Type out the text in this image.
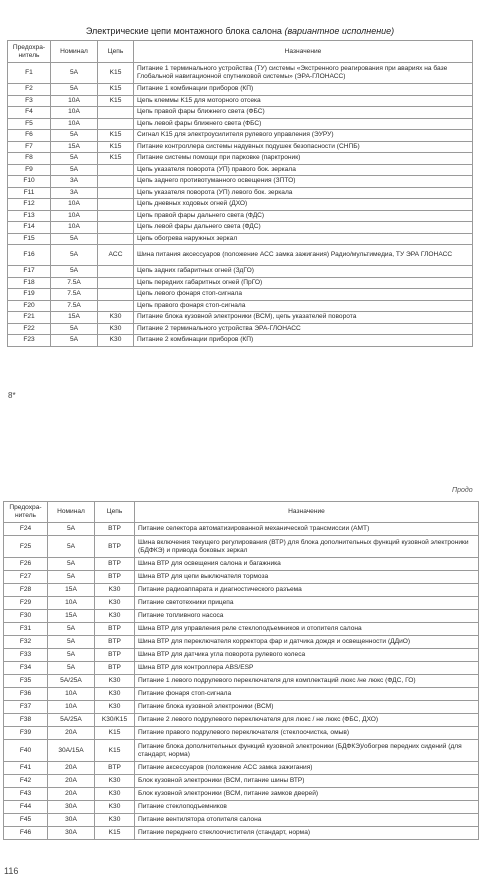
Электрические цепи монтажного блока салона (вариантное исполнение)
Предохра-нитель	Номинал	Цепь	Назначение
F1	5А	K15	Питание 1 терминального устройства (ТУ) системы «Экстренного реагирования при авариях на базе Глобальной навигационной спутниковой системы» (ЭРА-ГЛОНАСС)
F2	5А	K15	Питание 1 комбинации приборов (КП)
F3	10А	K15	Цепь клеммы K15 для моторного отсека
F4	10А		Цепь правой фары ближнего света (ФБС)
F5	10А		Цепь левой фары ближнего света (ФБС)
F6	5А	K15	Сигнал K15 для электроусилителя рулевого управления (ЭУРУ)
F7	15А	K15	Питание контроллера системы надувных подушек безопасности (СНПБ)
F8	5А	K15	Питание системы помощи при парковке (парктроник)
F9	5А		Цепь указателя поворота (УП) правого бок. зеркала
F10	3А		Цепь заднего противотуманного освещения (ЗПТО)
F11	3А		Цепь указателя поворота (УП) левого бок. зеркала
F12	10А		Цепь дневных ходовых огней (ДХО)
F13	10А		Цепь правой фары дальнего света (ФДС)
F14	10А		Цепь левой фары дальнего света (ФДС)
F15	5А		Цепь обогрева наружных зеркал
F16	5А	ACC	Шина питания аксессуаров (положение АСС замка зажигания) Радио/мультимедиа, ТУ ЭРА ГЛОНАСС
F17	5А		Цепь задних габаритных огней (ЗдГО)
F18	7.5А		Цепь передних габаритных огней (ПрГО)
F19	7.5А		Цепь левого фонаря стоп-сигнала
F20	7.5А		Цепь правого фонаря стоп-сигнала
F21	15А	K30	Питание блока кузовной электроники (BCM), цепь указателей поворота
F22	5А	K30	Питание 2 терминального устройства ЭРА-ГЛОНАСС
F23	5А	K30	Питание 2 комбинации приборов (КП)
8*
Продо
Предохра-нитель	Номинал	Цепь	Назначение
F24	5А	BTP	Питание селектора автоматизированной механической трансмиссии (АМТ)
F25	5А	BTP	Шина включения текущего регулирования (ВТР) для блока дополнительных функций кузовной электроники (БДФКЭ) и привода боковых зеркал
F26	5А	BTP	Шина ВТР для освещения салона и багажника
F27	5А	BTP	Шина ВТР для цепи выключателя тормоза
F28	15А	K30	Питание радиоаппарата и диагностического разъема
F29	10А	K30	Питание светотехники прицепа
F30	15А	K30	Питание топливного насоса
F31	5А	BTP	Шина ВТР для управления реле стеклоподъемников и отопителя салона
F32	5А	BTP	Шина ВТР для переключателя корректора фар и датчика дождя и освещенности (ДДиО)
F33	5А	BTP	Шина ВТР для датчика угла поворота рулевого колеса
F34	5А	BTP	Шина ВТР для контроллера ABS/ESP
F35	5А/25А	K30	Питание 1 левого подрулевого переключателя для комплектаций люкс /не люкс (ФДС, ГО)
F36	10А	K30	Питание фонаря стоп-сигнала
F37	10А	K30	Питание блока кузовной электроники (BCM)
F38	5А/25А	K30/K15	Питание 2 левого подрулевого переключателя для люкс / не люкс (ФБС, ДХО)
F39	20А	K15	Питание правого подрулевого переключателя (стеклоочистка, омыв)
F40	30А/15А	K15	Питание блока дополнительных функций кузовной электроники (БДФКЭ)/обогрев передних сидений (для стандарт, норма)
F41	20А	BTP	Питание аксессуаров (положение АСС замка зажигания)
F42	20А	K30	Блок кузовной электроники (BCM, питание шины ВТР)
F43	20А	K30	Блок кузовной электроники (BCM, питание замков дверей)
F44	30А	K30	Питание стеклоподъемников
F45	30А	K30	Питание вентилятора отопителя салона
F46	30А	K15	Питание переднего стеклоочистителя (стандарт, норма)
116
